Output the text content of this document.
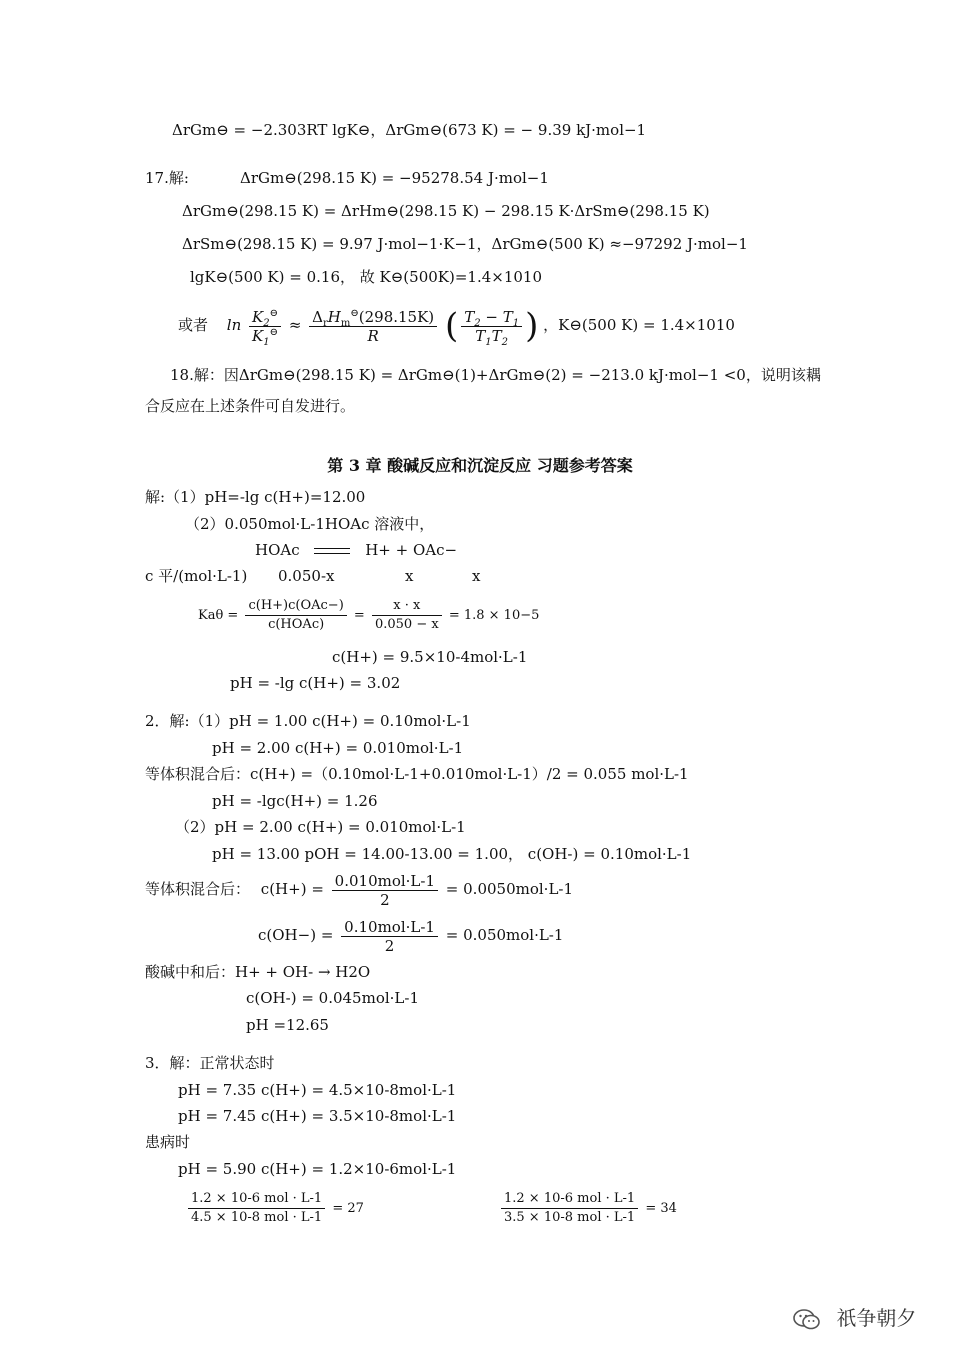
ΔrGm⊖ = −2.303RT lgK⊖，ΔrGm⊖(673 K) = − 9.39 kJ·mol−1
17.解:	ΔrGm⊖(298.15 K) = −95278.54 J·mol−1
ΔrGm⊖(298.15 K) = ΔrHm⊖(298.15 K) − 298.15 K·ΔrSm⊖(298.15 K)
ΔrSm⊖(298.15 K) = 9.97 J·mol−1·K−1，ΔrGm⊖(500 K) ≈−97292 J·mol−1
lgK⊖(500 K) = 0.16， 故 K⊖(500K)=1.4×1010
或者 $\ln \frac{K_2^⊖}{K_1^⊖} \approx \frac{\Delta_rH_m^⊖(298.15K)}{R}$ ( $\frac{T_2 - T_1}{T_1T_2}$ ) ，K⊖(500 K) = 1.4×1010
18.解：因ΔrGm⊖(298.15 K) = ΔrGm⊖(1)+ΔrGm⊖(2) = −213.0 kJ·mol−1 <0，说明该耦
合反应在上述条件可自发进行。
第 3 章 酸碱反应和沉淀反应 习题参考答案
解:（1）pH=-lg c(H+)=12.00
（2）0.050mol·L-1HOAc 溶液中，
HOAc	H+ + OAc−
c 平/(mol·L-1) 0.050-x	x	x
$Ka\theta = \frac{\text{c(H+)c(OAc−)}}{\text{c(HOAc)}} = \frac{x \cdot x}{0.050 - x} = 1.8 \times 10-5$
c(H+) = 9.5×10-4mol·L-1
pH = -lg c(H+) = 3.02
2．解:（1）pH = 1.00 c(H+) = 0.10mol·L-1
pH = 2.00 c(H+) = 0.010mol·L-1
等体积混合后：c(H+) =（0.10mol·L-1+0.010mol·L-1）/2 = 0.055 mol·L-1
pH = -lgc(H+) = 1.26
（2）pH = 2.00 c(H+) = 0.010mol·L-1
pH = 13.00 pOH = 14.00-13.00 = 1.00， c(OH-) = 0.10mol·L-1
等体积混合后： $c(H+) = \frac{\text{0.010mol·L-1}}{2} = 0.0050mol\cdot L-1$
$c(OH-) = \frac{\text{0.10mol·L-1}}{2} = 0.050mol\cdot L-1$
酸碱中和后：H+ + OH- → H2O
c(OH-) = 0.045mol·L-1
pH =12.65
3．解：正常状态时
pH = 7.35 c(H+) = 4.5×10-8mol·L-1
pH = 7.45 c(H+) = 3.5×10-8mol·L-1
患病时
pH = 5.90 c(H+) = 1.2×10-6mol·L-1
$\frac{\text{1.2 × 10-6 mol · L-1}}{\text{4.5 × 10-8 mol · L-1}} = 27$	$\frac{\text{1.2 × 10-6 mol · L-1}}{\text{3.5 × 10-8 mol · L-1}} = 34$
祇争朝夕
